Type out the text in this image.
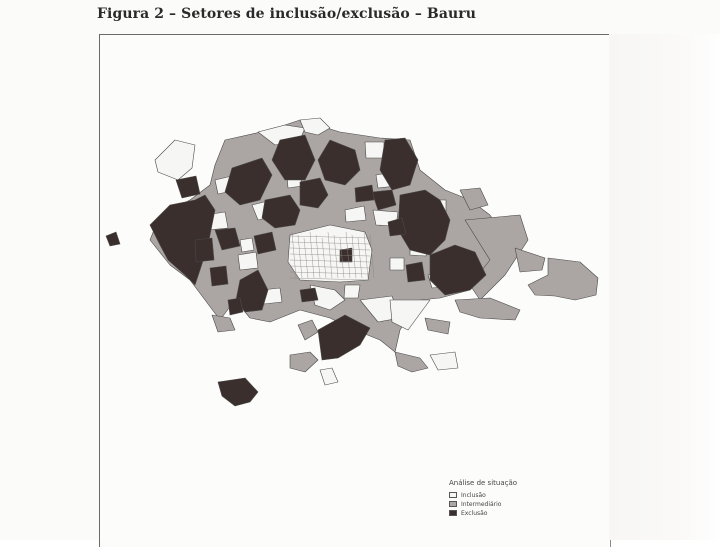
Figura 2 – Setores de inclusão/exclusão – Bauru
Análise de situação
Inclusão
Intermediário
Exclusão
